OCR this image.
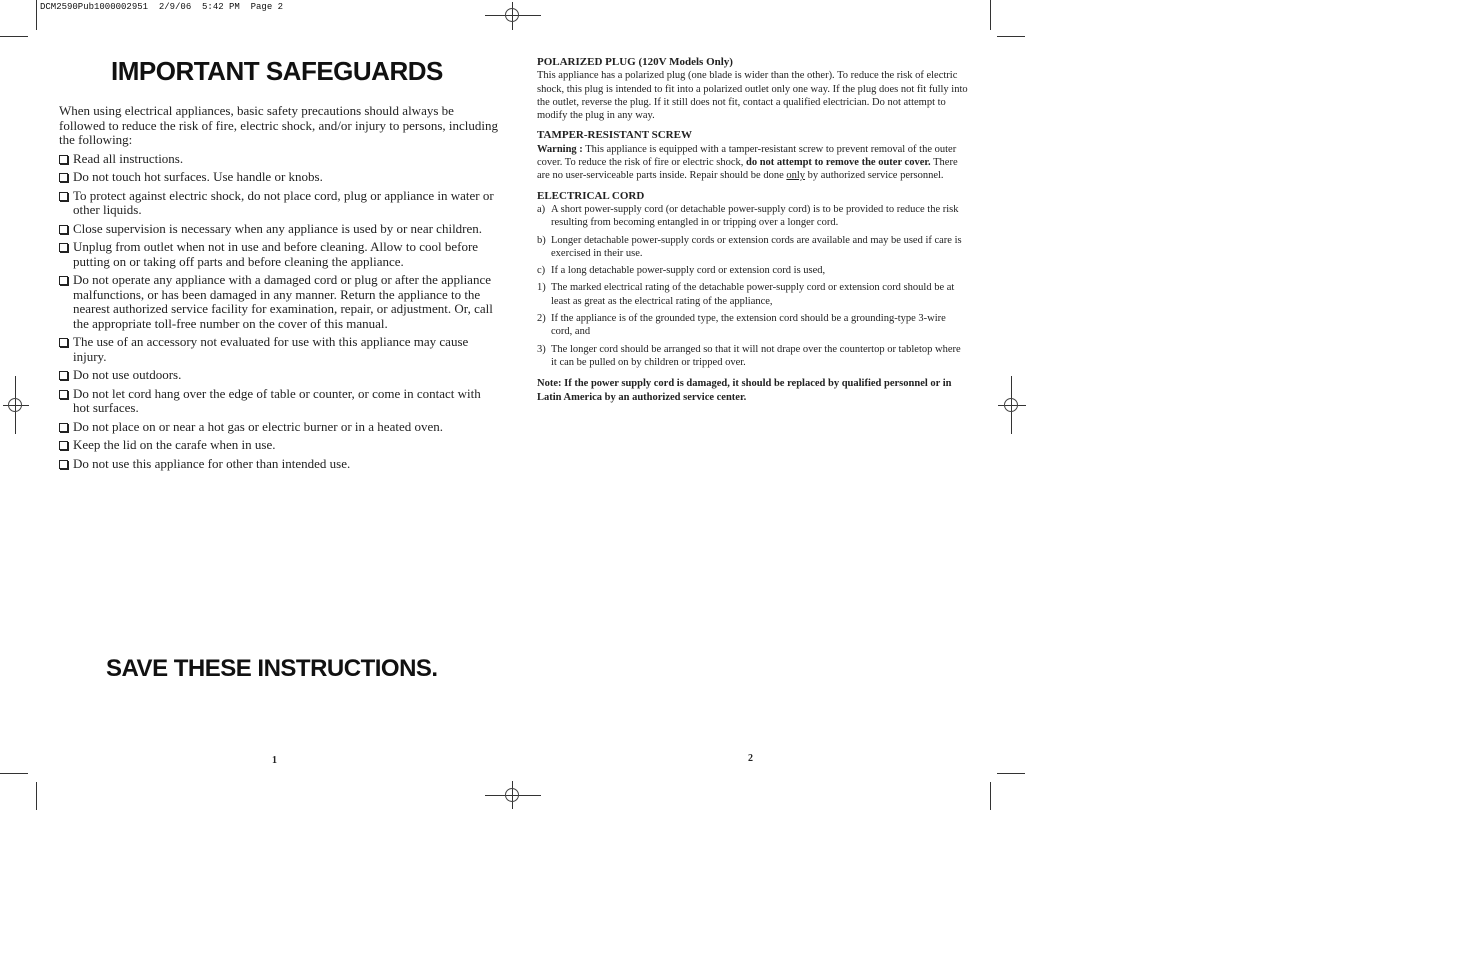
DCM2590Pub1000002951  2/9/06  5:42 PM  Page 2
IMPORTANT SAFEGUARDS

When using electrical appliances, basic safety precautions should always be followed to reduce the risk of fire, electric shock, and/or injury to persons, including the following:

Read all instructions.
Do not touch hot surfaces. Use handle or knobs.
To protect against electric shock, do not place cord, plug or appliance in water or other liquids.
Close supervision is necessary when any appliance is used by or near children.
Unplug from outlet when not in use and before cleaning. Allow to cool before putting on or taking off parts and before cleaning the appliance.
Do not operate any appliance with a damaged cord or plug or after the appliance malfunctions, or has been damaged in any manner. Return the appliance to the nearest authorized service facility for examination, repair, or adjustment. Or, call the appropriate toll-free number on the cover of this manual.
The use of an accessory not evaluated for use with this appliance may cause injury.
Do not use outdoors.
Do not let cord hang over the edge of table or counter, or come in contact with hot surfaces.
Do not place on or near a hot gas or electric burner or in a heated oven.
Keep the lid on the carafe when in use.
Do not use this appliance for other than intended use.
SAVE THESE INSTRUCTIONS.
1
POLARIZED PLUG (120V Models Only)

This appliance has a polarized plug (one blade is wider than the other). To reduce the risk of electric shock, this plug is intended to fit into a polarized outlet only one way. If the plug does not fit fully into the outlet, reverse the plug. If it still does not fit, contact a qualified electrician. Do not attempt to modify the plug in any way.

TAMPER-RESISTANT SCREW

Warning : This appliance is equipped with a tamper-resistant screw to prevent removal of the outer cover. To reduce the risk of fire or electric shock, do not attempt to remove the outer cover. There are no user-serviceable parts inside. Repair should be done only by authorized service personnel.

ELECTRICAL CORD
a) A short power-supply cord (or detachable power-supply cord) is to be provided to reduce the risk resulting from becoming entangled in or tripping over a longer cord.
b) Longer detachable power-supply cords or extension cords are available and may be used if care is exercised in their use.
c) If a long detachable power-supply cord or extension cord is used,
1) The marked electrical rating of the detachable power-supply cord or extension cord should be at least as great as the electrical rating of the appliance,
2) If the appliance is of the grounded type, the extension cord should be a grounding-type 3-wire cord, and
3) The longer cord should be arranged so that it will not drape over the countertop or tabletop where it can be pulled on by children or tripped over.

Note: If the power supply cord is damaged, it should be replaced by qualified personnel or in Latin America by an authorized service center.

2
